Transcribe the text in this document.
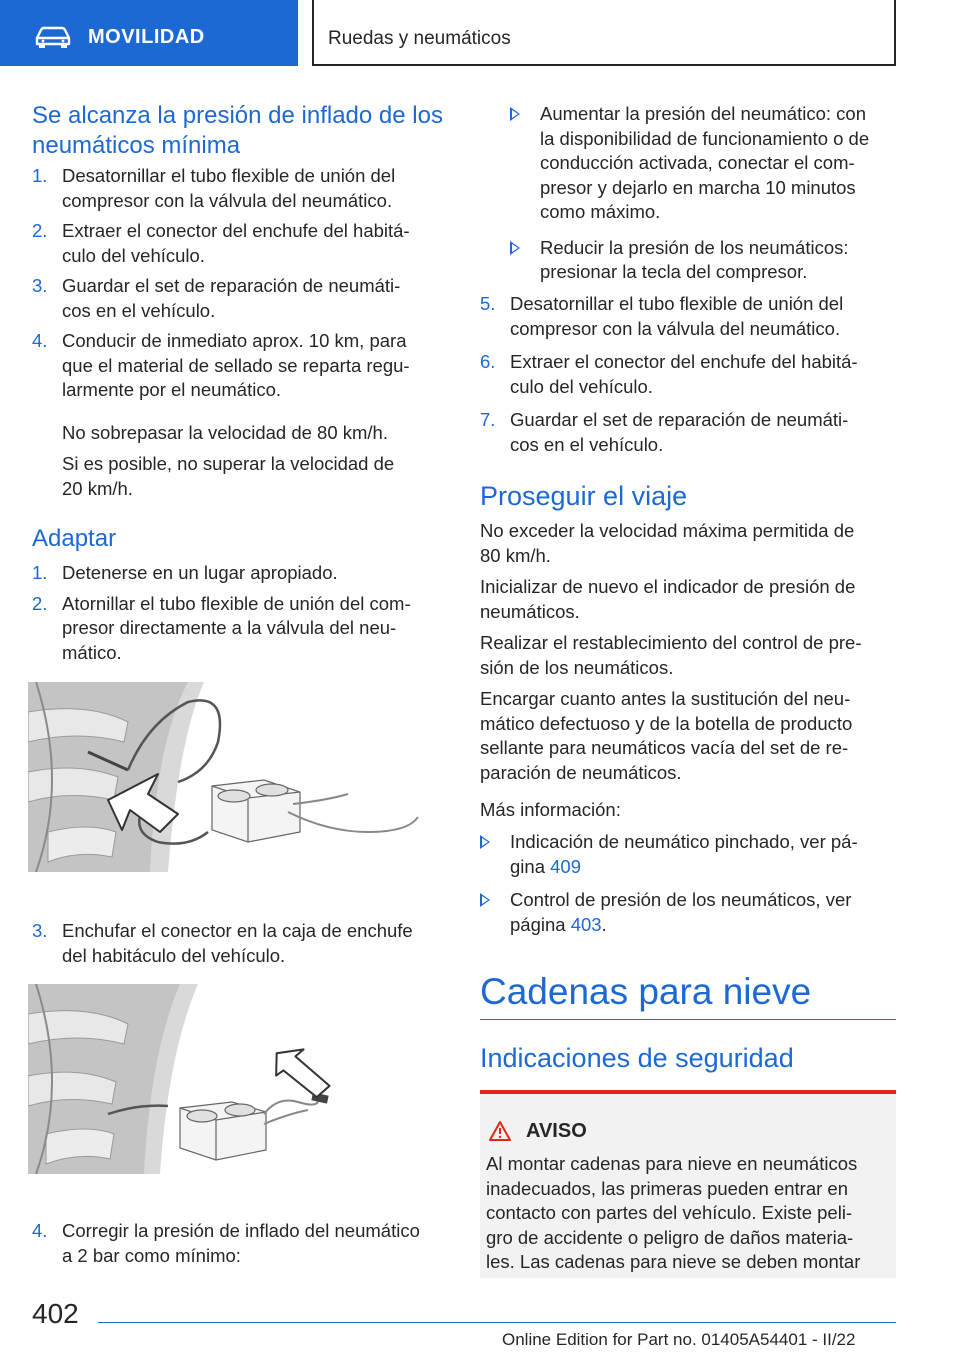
MOVILIDAD	Ruedas y neumáticos
Se alcanza la presión de inflado de los
neumáticos mínima
1. Desatornillar el tubo flexible de unión del
compresor con la válvula del neumático.
2. Extraer el conector del enchufe del habitá-
culo del vehículo.
3. Guardar el set de reparación de neumáti-
cos en el vehículo.
4. Conducir de inmediato aprox. 10 km, para
que el material de sellado se reparta regu-
larmente por el neumático.
No sobrepasar la velocidad de 80 km/h.
Si es posible, no superar la velocidad de
20 km/h.
Adaptar
1. Detenerse en un lugar apropiado.
2. Atornillar el tubo flexible de unión del com-
presor directamente a la válvula del neu-
mático.
3. Enchufar el conector en la caja de enchufe
del habitáculo del vehículo.
4. Corregir la presión de inflado del neumático
a 2 bar como mínimo:
Aumentar la presión del neumático: con
la disponibilidad de funcionamiento o de
conducción activada, conectar el com-
presor y dejarlo en marcha 10 minutos
como máximo.
Reducir la presión de los neumáticos:
presionar la tecla del compresor.
5. Desatornillar el tubo flexible de unión del
compresor con la válvula del neumático.
6. Extraer el conector del enchufe del habitá-
culo del vehículo.
7. Guardar el set de reparación de neumáti-
cos en el vehículo.
Proseguir el viaje
No exceder la velocidad máxima permitida de
80 km/h.
Inicializar de nuevo el indicador de presión de
neumáticos.
Realizar el restablecimiento del control de pre-
sión de los neumáticos.
Encargar cuanto antes la sustitución del neu-
mático defectuoso y de la botella de producto
sellante para neumáticos vacía del set de re-
paración de neumáticos.
Más información:
Indicación de neumático pinchado, ver pá-
gina 409
Control de presión de los neumáticos, ver
página 403.
Cadenas para nieve
Indicaciones de seguridad
AVISO
Al montar cadenas para nieve en neumáticos
inadecuados, las primeras pueden entrar en
contacto con partes del vehículo. Existe peli-
gro de accidente o peligro de daños materia-
les. Las cadenas para nieve se deben montar
402
Online Edition for Part no. 01405A54401 - II/22
